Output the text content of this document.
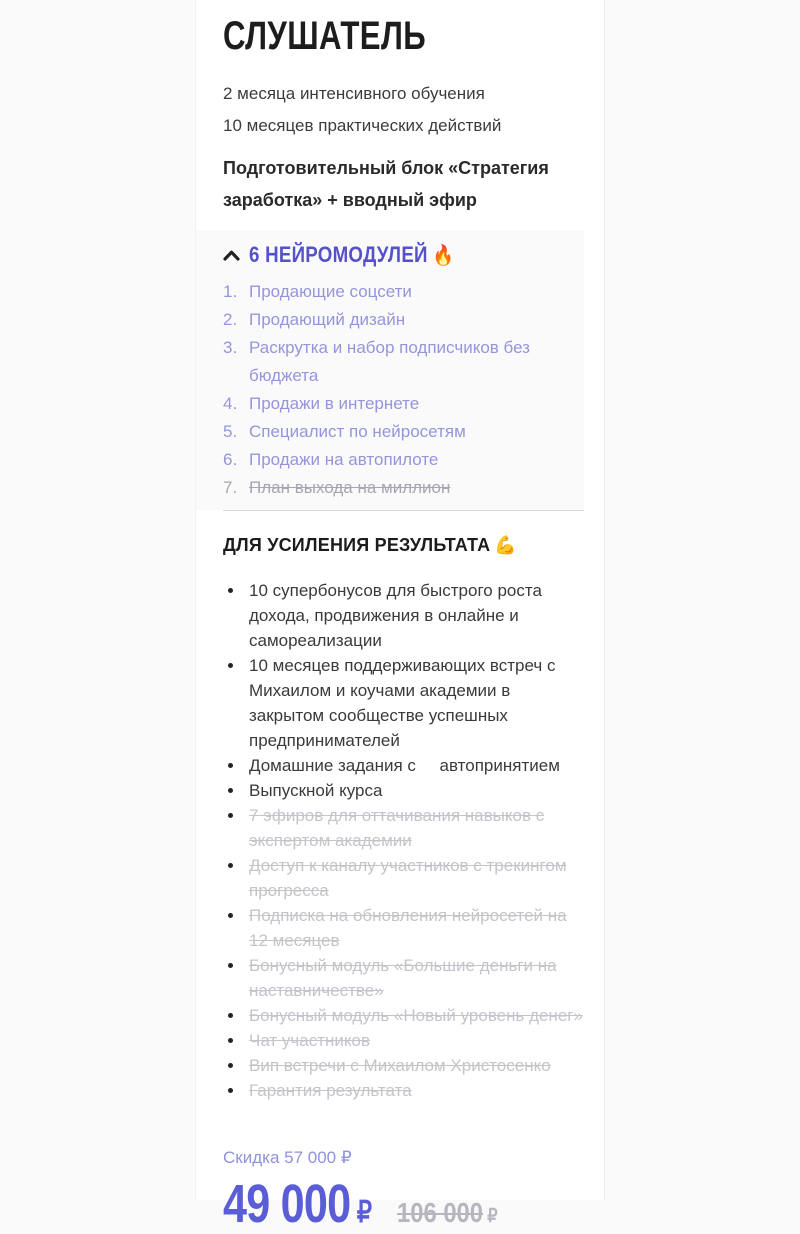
СЛУШАТЕЛЬ
2 месяца интенсивного обучения
10 месяцев практических действий

Подготовительный блок «Стратегия заработка» + вводный эфир

6 НЕЙРОМОДУЛЕЙ 🔥
1. Продающие соцсети
2. Продающий дизайн
3. Раскрутка и набор подписчиков без бюджета
4. Продажи в интернете
5. Специалист по нейросетям
6. Продажи на автопилоте
7. План выхода на миллион
ДЛЯ УСИЛЕНИЯ РЕЗУЛЬТАТА 💪
10 супербонусов для быстрого роста дохода, продвижения в онлайне и самореализации
10 месяцев поддерживающих встреч с Михаилом и коучами академии в закрытом сообществе успешных предпринимателей
Домашние задания с     автопринятием
Выпускной курса
7 эфиров для оттачивания навыков с экспертом академии
Доступ к каналу участников с трекингом прогресса
Подписка на обновления нейросетей на 12 месяцев
Бонусный модуль «Большие деньги на наставничестве»
Бонусный модуль «Новый уровень денег»
Чат участников
Вип встречи с Михаилом Христосенко
Гарантия результата
Скидка 57 000 ₽
49 000 ₽ 106 000 ₽
